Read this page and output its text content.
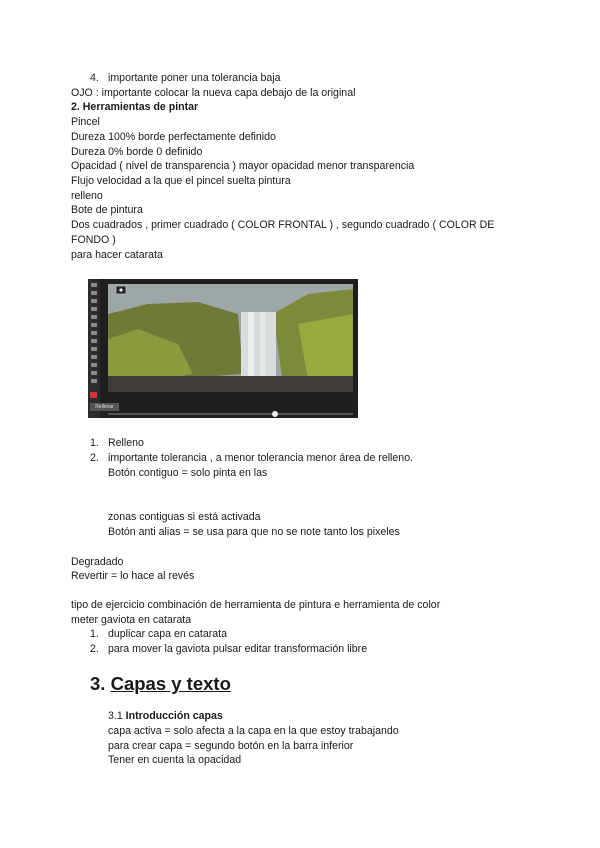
4. importante poner una tolerancia baja
OJO : importante colocar la nueva capa debajo de la original
2. Herramientas de pintar
Pincel
Dureza 100% borde perfectamente definido
Dureza 0% borde 0 definido
Opacidad ( nivel de transparencia ) mayor opacidad menor transparencia
Flujo velocidad a la que el pincel suelta pintura
relleno
Bote de pintura
Dos cuadrados , primer cuadrado ( COLOR FRONTAL ) , segundo cuadrado ( COLOR DE
FONDO )
para hacer catarata
Rellenar
1. Relleno
2. importante tolerancia , a menor tolerancia menor área de relleno.
Botón contiguo = solo pinta en las
zonas contiguas si está activada
Botón anti alias = se usa para que no se note tanto los pixeles
Degradado
Revertir = lo hace al revés
tipo de ejercicio combinación de herramienta de pintura e herramienta de color
meter gaviota en catarata
1. duplicar capa en catarata
2. para mover la gaviota pulsar editar transformación libre
3. Capas y texto
3.1 Introducción capas
capa activa = solo afecta a la capa en la que estoy trabajando
para crear capa = segundo botón en la barra inferior
Tener en cuenta la opacidad
